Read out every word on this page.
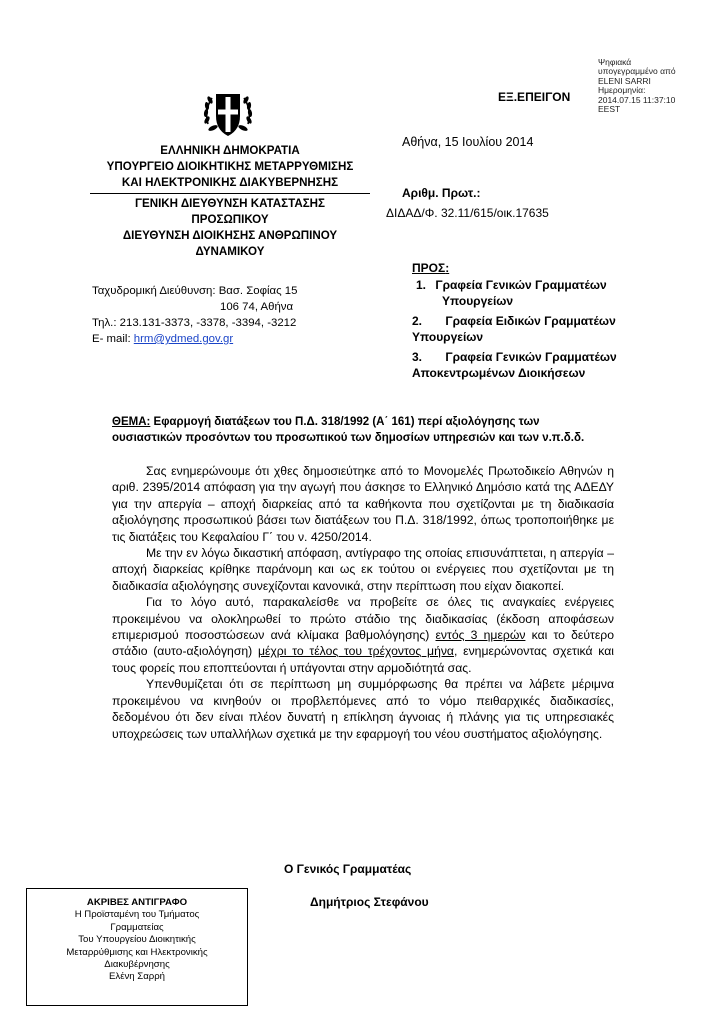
Ψηφιακά
υπογεγραμμένο από
ELENI SARRI
Ημερομηνία:
2014.07.15 11:37:10
EEST
ΕΞ.ΕΠΕΙΓΟΝ
ΕΛΛΗΝΙΚΗ ΔΗΜΟΚΡΑΤΙΑ
ΥΠΟΥΡΓΕΙΟ ΔΙΟΙΚΗΤΙΚΗΣ ΜΕΤΑΡΡΥΘΜΙΣΗΣ
ΚΑΙ ΗΛΕΚΤΡΟΝΙΚΗΣ ΔΙΑΚΥΒΕΡΝΗΣΗΣ
ΓΕΝΙΚΗ ΔΙΕΥΘΥΝΣΗ ΚΑΤΑΣΤΑΣΗΣ
ΠΡΟΣΩΠΙΚΟΥ
ΔΙΕΥΘΥΝΣΗ ΔΙΟΙΚΗΣΗΣ ΑΝΘΡΩΠΙΝΟΥ
ΔΥΝΑΜΙΚΟΥ
Αθήνα, 15 Ιουλίου 2014
Αριθμ. Πρωτ.:
ΔΙΔΑΔ/Φ. 32.11/615/οικ.17635
Ταχυδρομική Διεύθυνση: Βασ. Σοφίας 15
106 74, Αθήνα
Τηλ.: 213.131-3373, -3378, -3394, -3212
E- mail: hrm@ydmed.gov.gr
ΠΡΟΣ:
1. Γραφεία Γενικών Γραμματέων
Υπουργείων
2. Γραφεία Ειδικών Γραμματέων
Υπουργείων
3. Γραφεία Γενικών Γραμματέων
Αποκεντρωμένων Διοικήσεων
ΘΕΜΑ: Εφαρμογή διατάξεων του Π.Δ. 318/1992 (Α΄ 161) περί αξιολόγησης των
ουσιαστικών προσόντων του προσωπικού των δημοσίων υπηρεσιών και των ν.π.δ.δ.

Σας ενημερώνουμε ότι χθες δημοσιεύτηκε από το Μονομελές Πρωτοδικείο Αθηνών η αριθ. 2395/2014 απόφαση για την αγωγή που άσκησε το Ελληνικό Δημόσιο κατά της ΑΔΕΔΥ για την απεργία – αποχή διαρκείας από τα καθήκοντα που σχετίζονται με τη διαδικασία αξιολόγησης προσωπικού βάσει των διατάξεων του Π.Δ. 318/1992, όπως τροποποιήθηκε με τις διατάξεις του Κεφαλαίου Γ΄ του ν. 4250/2014.

Με την εν λόγω δικαστική απόφαση, αντίγραφο της οποίας επισυνάπτεται, η απεργία – αποχή διαρκείας κρίθηκε παράνομη και ως εκ τούτου οι ενέργειες που σχετίζονται με τη διαδικασία αξιολόγησης συνεχίζονται κανονικά, στην περίπτωση που είχαν διακοπεί.

Για το λόγο αυτό, παρακαλείσθε να προβείτε σε όλες τις αναγκαίες ενέργειες προκειμένου να ολοκληρωθεί το πρώτο στάδιο της διαδικασίας (έκδοση αποφάσεων επιμερισμού ποσοστώσεων ανά κλίμακα βαθμολόγησης) εντός 3 ημερών και το δεύτερο στάδιο (αυτο-αξιολόγηση) μέχρι το τέλος του τρέχοντος μήνα, ενημερώνοντας σχετικά και τους φορείς που εποπτεύονται ή υπάγονται στην αρμοδιότητά σας.

Υπενθυμίζεται ότι σε περίπτωση μη συμμόρφωσης θα πρέπει να λάβετε μέριμνα προκειμένου να κινηθούν οι προβλεπόμενες από το νόμο πειθαρχικές διαδικασίες, δεδομένου ότι δεν είναι πλέον δυνατή η επίκληση άγνοιας ή πλάνης για τις υπηρεσιακές υποχρεώσεις των υπαλλήλων σχετικά με την εφαρμογή του νέου συστήματος αξιολόγησης.

Ο Γενικός Γραμματέας
Δημήτριος Στεφάνου
ΑΚΡΙΒΕΣ ΑΝΤΙΓΡΑΦΟ
Η Προϊσταμένη του Τμήματος
Γραμματείας
Του Υπουργείου Διοικητικής
Μεταρρύθμισης και Ηλεκτρονικής
Διακυβέρνησης
Ελένη Σαρρή
